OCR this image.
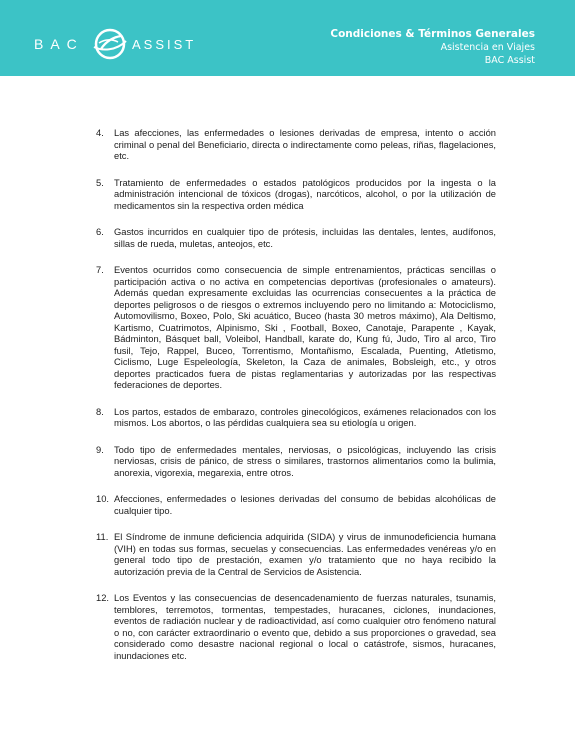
BAC	ASSIST
Condiciones & Términos Generales
Asistencia en Viajes
BAC Assist
4.	Las afecciones, las enfermedades o lesiones derivadas de empresa, intento o acción criminal o penal del Beneficiario, directa o indirectamente como peleas, riñas, flagelaciones, etc.
5.	Tratamiento de enfermedades o estados patológicos producidos por la ingesta o la administración intencional de tóxicos (drogas), narcóticos, alcohol, o por la utilización de medicamentos sin la respectiva orden médica
6.	Gastos incurridos en cualquier tipo de prótesis, incluidas las dentales, lentes, audífonos, sillas de rueda, muletas, anteojos, etc.
7.	Eventos ocurridos como consecuencia de simple entrenamientos, prácticas sencillas o participación activa o no activa en competencias deportivas (profesionales o amateurs). Además quedan expresamente excluidas las ocurrencias consecuentes a la práctica de deportes peligrosos o de riesgos o extremos incluyendo pero no limitando a: Motociclismo, Automovilismo, Boxeo, Polo, Ski acuático, Buceo (hasta 30 metros máximo), Ala Deltismo, Kartismo, Cuatrimotos, Alpinismo, Ski , Football, Boxeo, Canotaje, Parapente , Kayak, Bádminton, Básquet ball, Voleibol, Handball, karate do, Kung fú, Judo, Tiro al arco, Tiro fusil, Tejo, Rappel, Buceo, Torrentismo, Montañismo, Escalada, Puenting, Atletismo, Ciclismo, Luge Espeleología, Skeleton, la Caza de animales, Bobsleigh, etc., y otros deportes practicados fuera de pistas reglamentarias y autorizadas por las respectivas federaciones de deportes.
8.	Los partos, estados de embarazo, controles ginecológicos, exámenes relacionados con los mismos. Los abortos, o las pérdidas cualquiera sea su etiología u origen.
9.	Todo tipo de enfermedades mentales, nerviosas, o psicológicas, incluyendo las crisis nerviosas, crisis de pánico, de stress o similares, trastornos alimentarios como la bulimia, anorexia, vigorexia, megarexia, entre otros.
10. Afecciones, enfermedades o lesiones derivadas del consumo de bebidas alcohólicas de cualquier tipo.
11. El Síndrome de inmune deficiencia adquirida (SIDA) y virus de inmunodeficiencia humana (VIH) en todas sus formas, secuelas y consecuencias. Las enfermedades venéreas y/o en general todo tipo de prestación, examen y/o tratamiento que no haya recibido la autorización previa de la Central de Servicios de Asistencia.
12. Los Eventos y las consecuencias de desencadenamiento de fuerzas naturales, tsunamis, temblores, terremotos, tormentas, tempestades, huracanes, ciclones, inundaciones, eventos de radiación nuclear y de radioactividad, así como cualquier otro fenómeno natural o no, con carácter extraordinario o evento que, debido a sus proporciones o gravedad, sea considerado como desastre nacional regional o local o catástrofe, sismos, huracanes, inundaciones etc.
